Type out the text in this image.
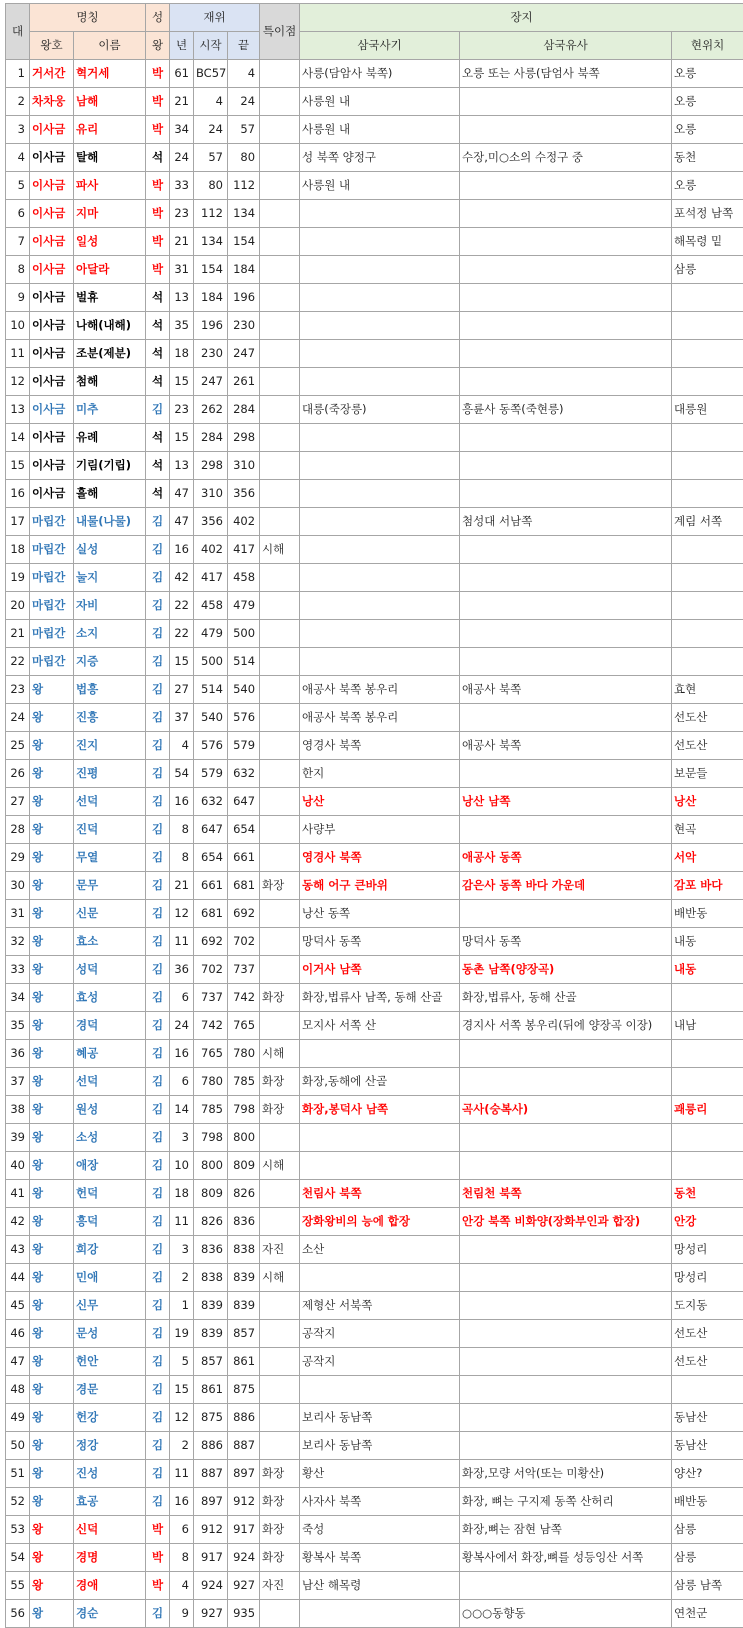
대	명칭		성	재위			특이점	장지		
	왕호	이름	왕	년	시작	끝		삼국사기	삼국유사	현위치
1	거서간	혁거세	박	61	BC57	4		사릉(담암사 북쪽)	오릉 또는 사릉(담엄사 북쪽	오릉
2	차차웅	남해	박	21	4	24		사릉원 내		오릉
3	이사금	유리	박	34	24	57		사릉원 내		오릉
4	이사금	탈해	석	24	57	80		성 북쪽 양정구	수장,미○소의 수정구 중	동천
5	이사금	파사	박	33	80	112		사릉원 내		오릉
6	이사금	지마	박	23	112	134				포석정 남쪽
7	이사금	일성	박	21	134	154				해목령 밑
8	이사금	아달라	박	31	154	184				삼릉
9	이사금	벌휴	석	13	184	196				
10	이사금	나해(내해)	석	35	196	230				
11	이사금	조분(제분)	석	18	230	247				
12	이사금	첨해	석	15	247	261				
13	이사금	미추	김	23	262	284		대릉(죽장릉)	흥륜사 동쪽(죽현릉)	대릉원
14	이사금	유례	석	15	284	298				
15	이사금	기림(기립)	석	13	298	310				
16	이사금	흘해	석	47	310	356				
17	마립간	내물(나물)	김	47	356	402			첨성대 서남쪽	계림 서쪽
18	마립간	실성	김	16	402	417	시해			
19	마립간	눌지	김	42	417	458				
20	마립간	자비	김	22	458	479				
21	마립간	소지	김	22	479	500				
22	마립간	지증	김	15	500	514				
23	왕	법흥	김	27	514	540		애공사 북쪽 봉우리	애공사 북쪽	효현
24	왕	진흥	김	37	540	576		애공사 북쪽 봉우리		선도산
25	왕	진지	김	4	576	579		영경사 북쪽	애공사 북쪽	선도산
26	왕	진평	김	54	579	632		한지		보문들
27	왕	선덕	김	16	632	647		낭산	낭산 남쪽	낭산
28	왕	진덕	김	8	647	654		사량부		현곡
29	왕	무열	김	8	654	661		영경사 북쪽	애공사 동쪽	서악
30	왕	문무	김	21	661	681	화장	동해 어구 큰바위	감은사 동쪽 바다 가운데	감포 바다
31	왕	신문	김	12	681	692		낭산 동쪽		배반동
32	왕	효소	김	11	692	702		망덕사 동쪽	망덕사 동쪽	내동
33	왕	성덕	김	36	702	737		이거사 남쪽	동촌 남쪽(양장곡)	내동
34	왕	효성	김	6	737	742	화장	화장,법류사 남쪽, 동해 산골	화장,법류사, 동해 산골	
35	왕	경덕	김	24	742	765		모지사 서쪽 산	경지사 서쪽 봉우리(뒤에 양장곡 이장)	내남
36	왕	혜공	김	16	765	780	시해			
37	왕	선덕	김	6	780	785	화장	화장,동해에 산골		
38	왕	원성	김	14	785	798	화장	화장,봉덕사 남쪽	곡사(숭복사)	괘릉리
39	왕	소성	김	3	798	800				
40	왕	애장	김	10	800	809	시해			
41	왕	헌덕	김	18	809	826		천림사 북쪽	천림천 북쪽	동천
42	왕	흥덕	김	11	826	836		장화왕비의 능에 합장	안강 북쪽 비화양(장화부인과 합장)	안강
43	왕	희강	김	3	836	838	자진	소산		망성리
44	왕	민애	김	2	838	839	시해			망성리
45	왕	신무	김	1	839	839		제형산 서북쪽		도지동
46	왕	문성	김	19	839	857		공작지		선도산
47	왕	헌안	김	5	857	861		공작지		선도산
48	왕	경문	김	15	861	875				
49	왕	헌강	김	12	875	886		보리사 동남쪽		동남산
50	왕	정강	김	2	886	887		보리사 동남쪽		동남산
51	왕	진성	김	11	887	897	화장	황산	화장,모량 서악(또는 미황산)	양산?
52	왕	효공	김	16	897	912	화장	사자사 북쪽	화장, 뼈는 구지제 동쪽 산허리	배반동
53	왕	신덕	박	6	912	917	화장	죽성	화장,뼈는 잠현 남쪽	삼릉
54	왕	경명	박	8	917	924	화장	황복사 북쪽	황복사에서 화장,뼈를 성등잉산 서쪽	삼릉
55	왕	경애	박	4	924	927	자진	남산 해목령		삼릉 남쪽
56	왕	경순	김	9	927	935			○○○동향동	연천군
